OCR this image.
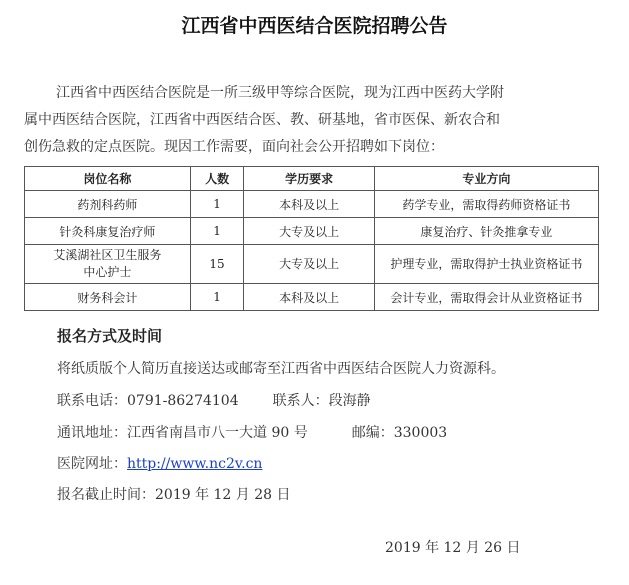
江西省中西医结合医院招聘公告
江西省中西医结合医院是一所三级甲等综合医院，现为江西中医药大学附
属中西医结合医院，江西省中西医结合医、教、研基地，省市医保、新农合和
创伤急救的定点医院。现因工作需要，面向社会公开招聘如下岗位：
岗位名称	人数	学历要求	专业方向
药剂科药师	1	本科及以上	药学专业，需取得药师资格证书
针灸科康复治疗师	1	大专及以上	康复治疗、针灸推拿专业
艾溪湖社区卫生服务
中心护士	15	大专及以上	护理专业，需取得护士执业资格证书
财务科会计	1	本科及以上	会计专业，需取得会计从业资格证书
报名方式及时间
将纸质版个人简历直接送达或邮寄至江西省中西医结合医院人力资源科。
联系电话：0791-86274104 联系人：段海静
通讯地址：江西省南昌市八一大道 90 号	邮编：330003
医院网址：http://www.nc2v.cn
报名截止时间：2019 年 12 月 28 日
2019 年 12 月 26 日
